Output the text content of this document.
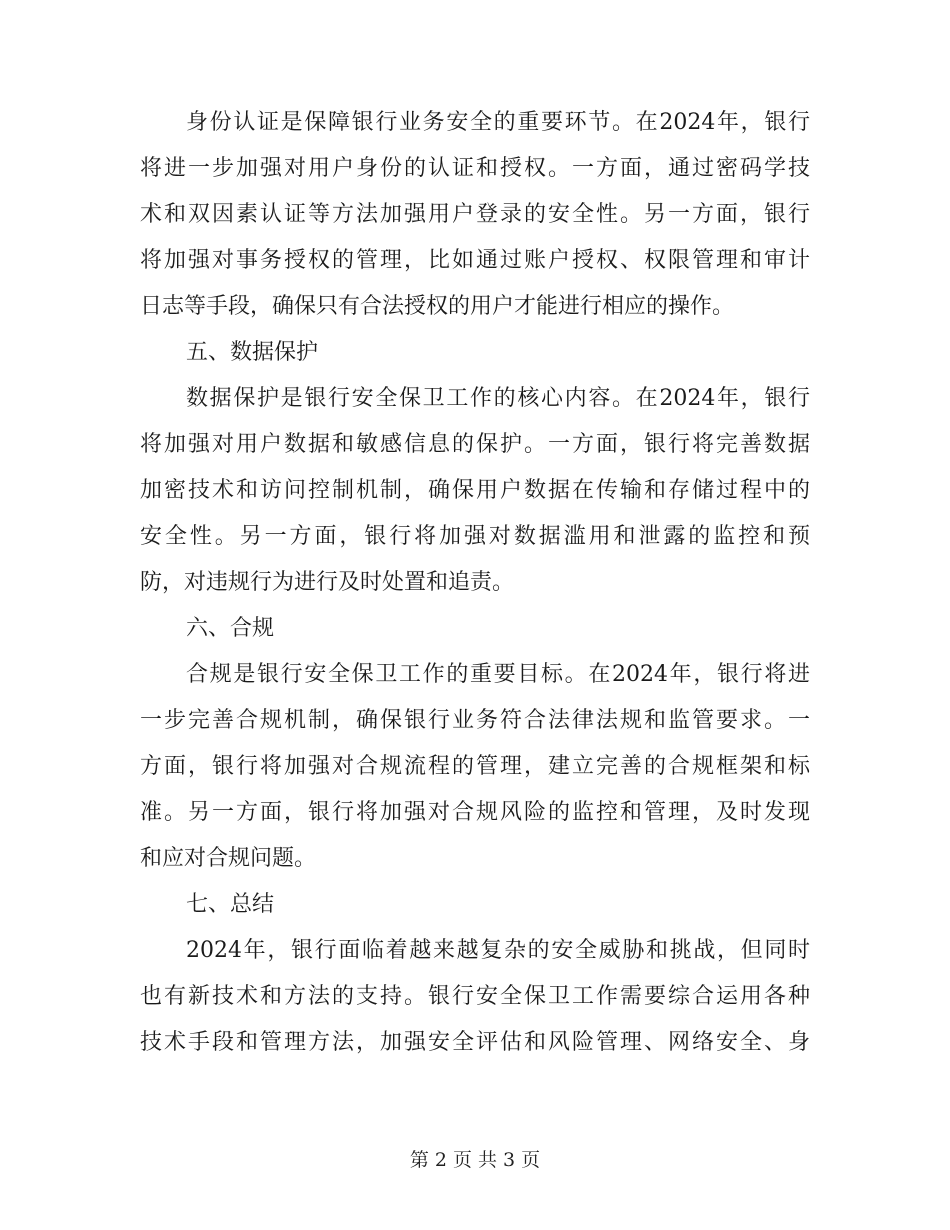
身份认证是保障银行业务安全的重要环节。在2024年，银行
将进一步加强对用户身份的认证和授权。一方面，通过密码学技
术和双因素认证等方法加强用户登录的安全性。另一方面，银行
将加强对事务授权的管理，比如通过账户授权、权限管理和审计
日志等手段，确保只有合法授权的用户才能进行相应的操作。
五、数据保护
数据保护是银行安全保卫工作的核心内容。在2024年，银行
将加强对用户数据和敏感信息的保护。一方面，银行将完善数据
加密技术和访问控制机制，确保用户数据在传输和存储过程中的
安全性。另一方面，银行将加强对数据滥用和泄露的监控和预
防，对违规行为进行及时处置和追责。
六、合规
合规是银行安全保卫工作的重要目标。在2024年，银行将进
一步完善合规机制，确保银行业务符合法律法规和监管要求。一
方面，银行将加强对合规流程的管理，建立完善的合规框架和标
准。另一方面，银行将加强对合规风险的监控和管理，及时发现
和应对合规问题。
七、总结
2024年，银行面临着越来越复杂的安全威胁和挑战，但同时
也有新技术和方法的支持。银行安全保卫工作需要综合运用各种
技术手段和管理方法，加强安全评估和风险管理、网络安全、身
第 2 页 共 3 页
